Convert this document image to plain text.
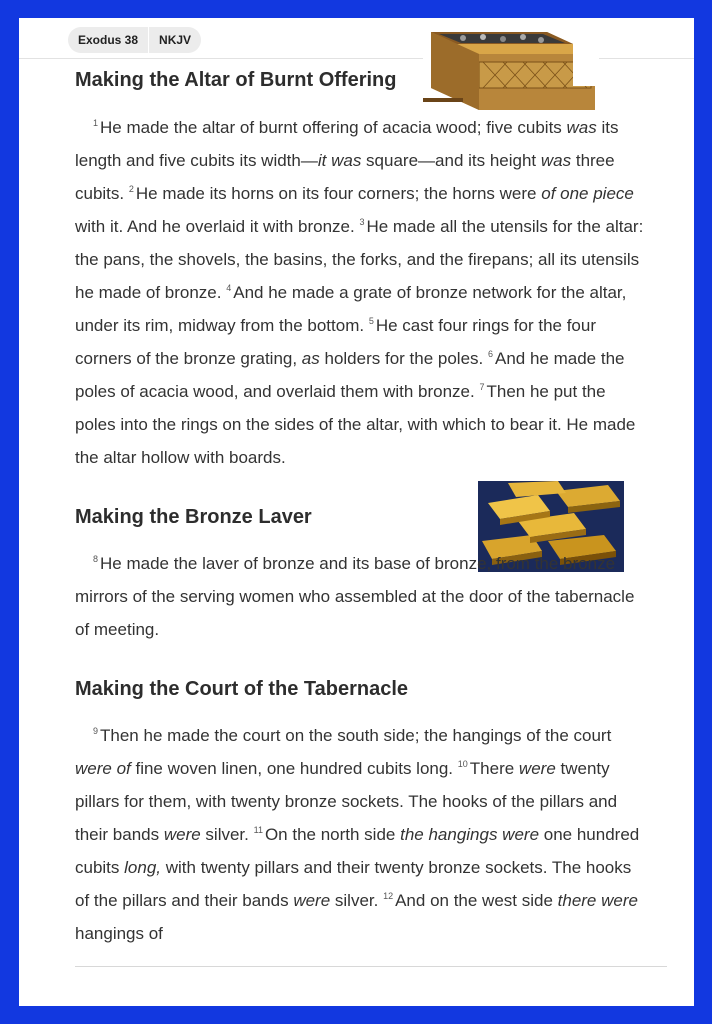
Exodus 38	NKJV
Making the Altar of Burnt Offering

$^1$ He made the altar of burnt offering of acacia wood; five cubits was its length and five cubits its width—it was square—and its height was three cubits. $^2$ He made its horns on its four corners; the horns were of one piece with it. And he overlaid it with bronze. $^3$ He made all the utensils for the altar: the pans, the shovels, the basins, the forks, and the firepans; all its utensils he made of bronze. $^4$ And he made a grate of bronze network for the altar, under its rim, midway from the bottom. $^5$ He cast four rings for the four corners of the bronze grating, as holders for the poles. $^6$ And he made the poles of acacia wood, and overlaid them with bronze. $^7$ Then he put the poles into the rings on the sides of the altar, with which to bear it. He made the altar hollow with boards.

Making the Bronze Laver

$^8$ He made the laver of bronze and its base of bronze, from the bronze mirrors of the serving women who assembled at the door of the tabernacle of meeting.

Making the Court of the Tabernacle

$^9$ Then he made the court on the south side; the hangings of the court were of fine woven linen, one hundred cubits long. $^{10}$ There were twenty pillars for them, with twenty bronze sockets. The hooks of the pillars and their bands were silver. $^{11}$ On the north side the hangings were one hundred cubits long, with twenty pillars and their twenty bronze sockets. The hooks of the pillars and their bands were silver. $^{12}$ And on the west side there were hangings of
